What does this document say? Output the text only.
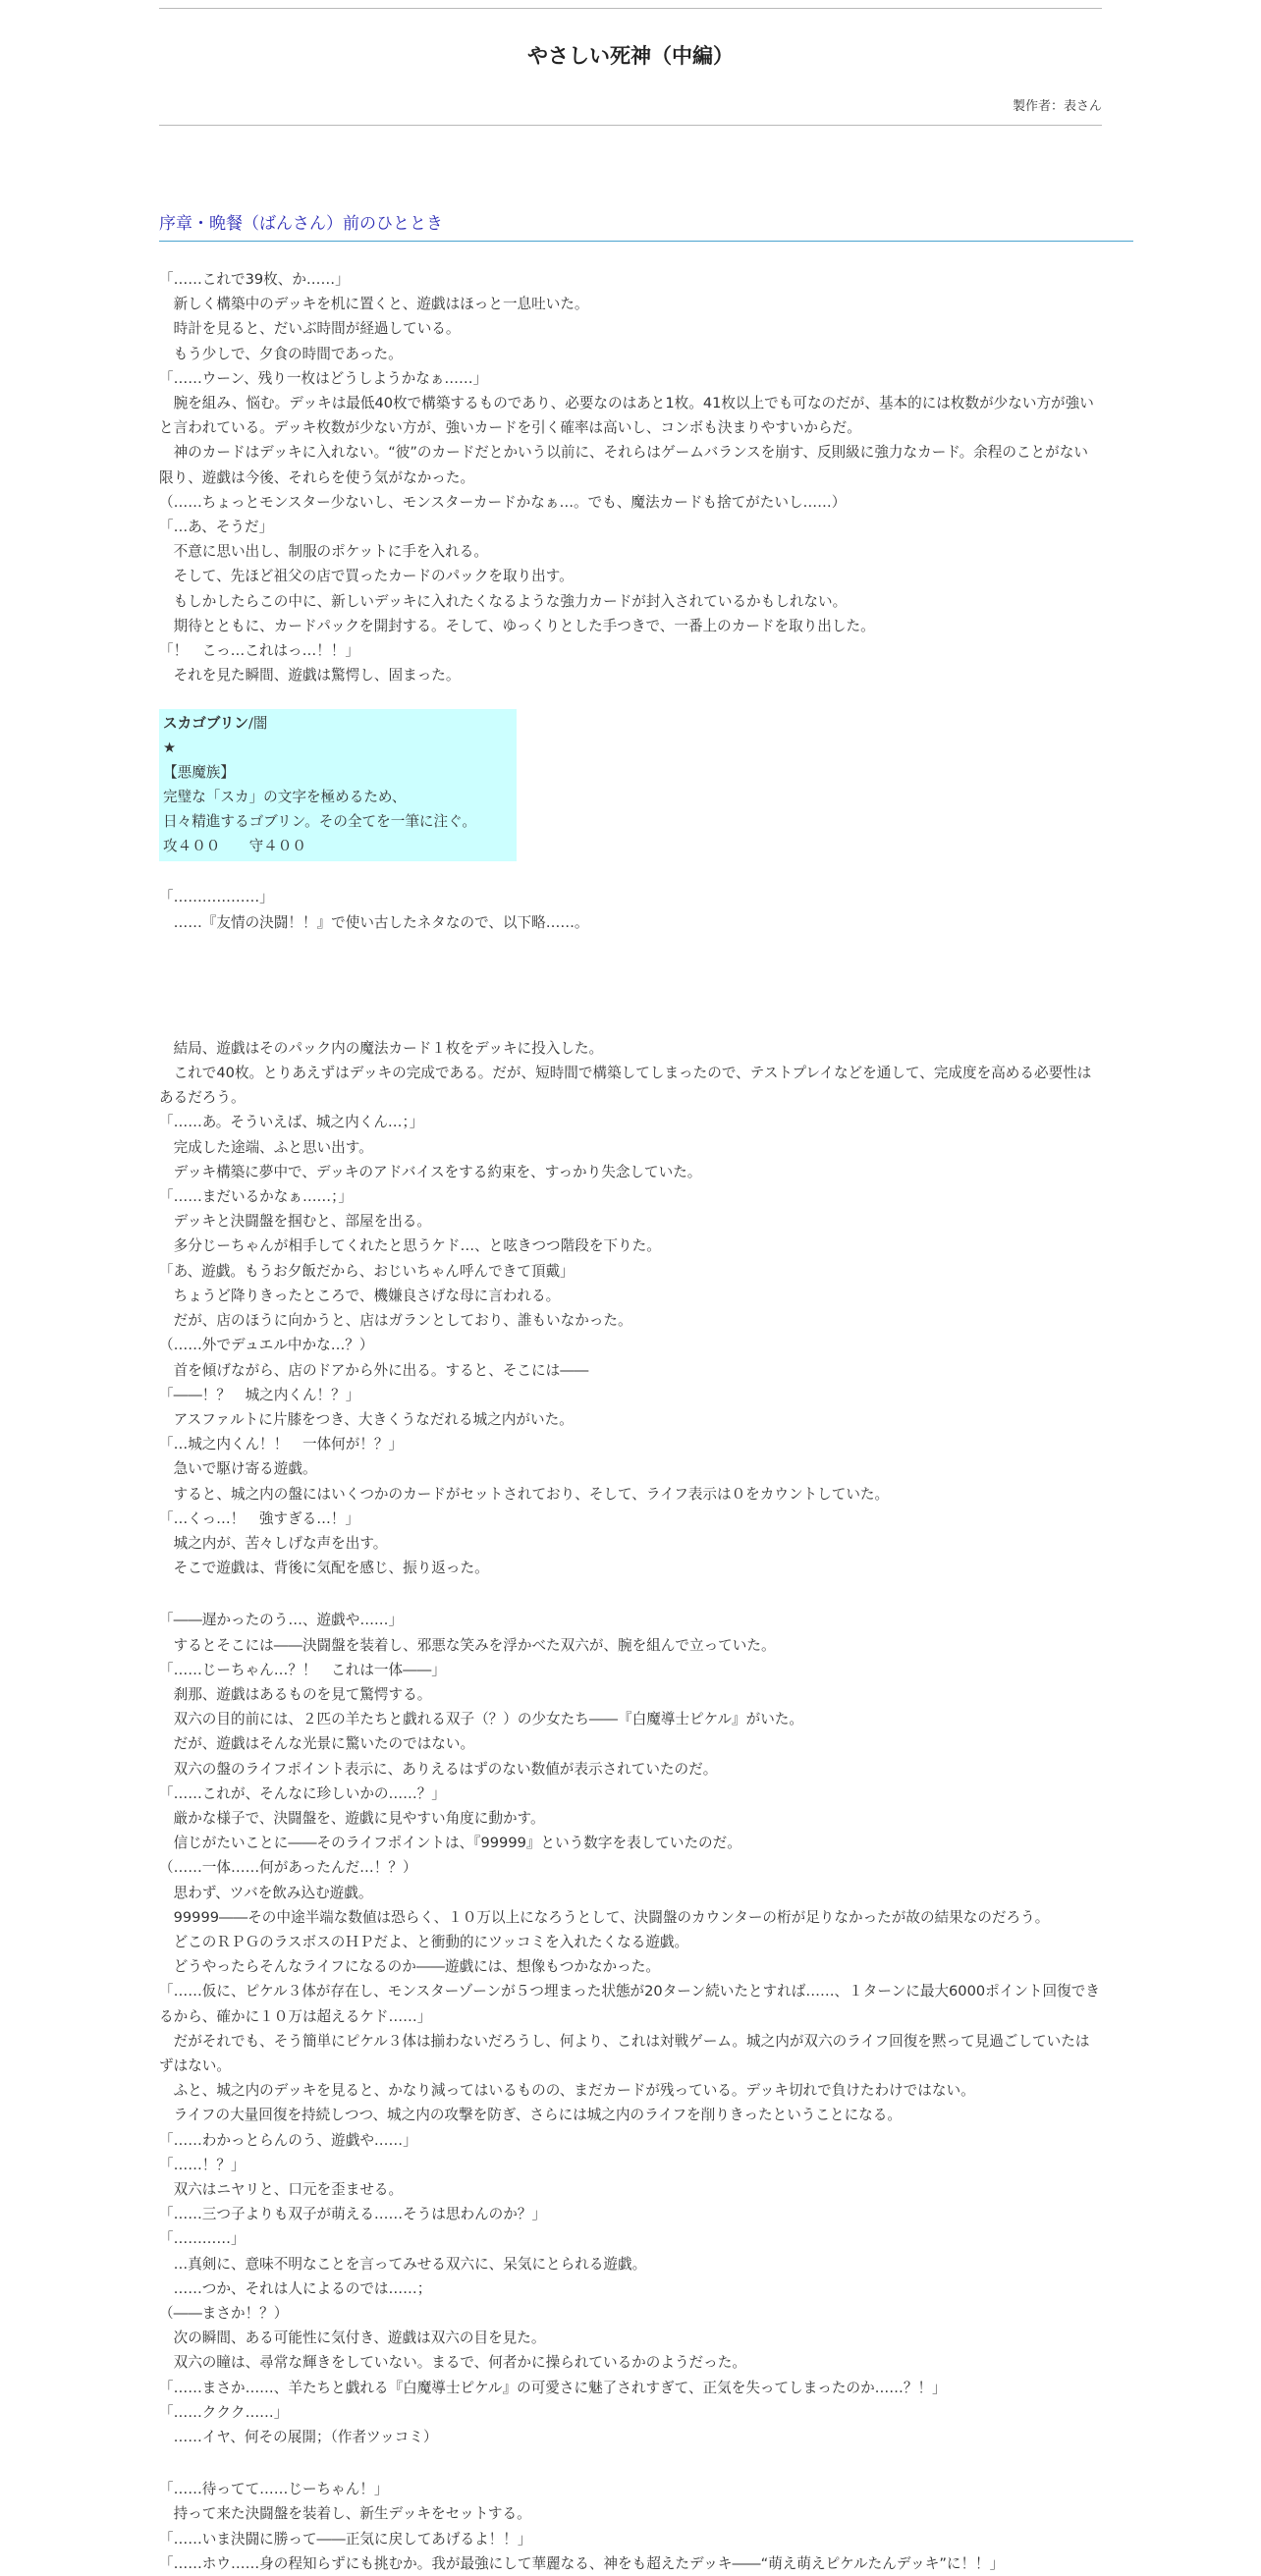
やさしい死神（中編）
製作者：表さん
序章・晩餐（ばんさん）前のひととき

「……これで39枚、か……」

　新しく構築中のデッキを机に置くと、遊戯はほっと一息吐いた。

　時計を見ると、だいぶ時間が経過している。

　もう少しで、夕食の時間であった。

「……ウーン、残り一枚はどうしようかなぁ……」

　腕を組み、悩む。デッキは最低40枚で構築するものであり、必要なのはあと1枚。41枚以上でも可なのだが、基本的には枚数が少ない方が強いと言われている。デッキ枚数が少ない方が、強いカードを引く確率は高いし、コンボも決まりやすいからだ。

　神のカードはデッキに入れない。“彼”のカードだとかいう以前に、それらはゲームバランスを崩す、反則級に強力なカード。余程のことがない限り、遊戯は今後、それらを使う気がなかった。

（……ちょっとモンスター少ないし、モンスターカードかなぁ…。でも、魔法カードも捨てがたいし……）

「…あ、そうだ」

　不意に思い出し、制服のポケットに手を入れる。

　そして、先ほど祖父の店で買ったカードのパックを取り出す。

　もしかしたらこの中に、新しいデッキに入れたくなるような強力カードが封入されているかもしれない。

　期待とともに、カードパックを開封する。そして、ゆっくりとした手つきで、一番上のカードを取り出した。

「！　こっ…これはっ…！！」

　それを見た瞬間、遊戯は驚愕し、固まった。

スカゴブリン/闇
★
【悪魔族】
完璧な「スカ」の文字を極めるため、
日々精進するゴブリン。その全てを一筆に注ぐ。
攻４００　　守４００

「………………」

　……『友情の決闘！！』で使い古したネタなので、以下略……。

　結局、遊戯はそのパック内の魔法カード１枚をデッキに投入した。

　これで40枚。とりあえずはデッキの完成である。だが、短時間で構築してしまったので、テストプレイなどを通して、完成度を高める必要性はあるだろう。

「……あ。そういえば、城之内くん…；」

　完成した途端、ふと思い出す。

　デッキ構築に夢中で、デッキのアドバイスをする約束を、すっかり失念していた。

「……まだいるかなぁ……；」

　デッキと決闘盤を掴むと、部屋を出る。

　多分じーちゃんが相手してくれたと思うケド…、と呟きつつ階段を下りた。

「あ、遊戯。もうお夕飯だから、おじいちゃん呼んできて頂戴」

　ちょうど降りきったところで、機嫌良さげな母に言われる。

　だが、店のほうに向かうと、店はガランとしており、誰もいなかった。

（……外でデュエル中かな…？）

　首を傾げながら、店のドアから外に出る。すると、そこには――

「――！？　城之内くん！？」

　アスファルトに片膝をつき、大きくうなだれる城之内がいた。

「…城之内くん！！　一体何が！？」

　急いで駆け寄る遊戯。

　すると、城之内の盤にはいくつかのカードがセットされており、そして、ライフ表示は０をカウントしていた。

「…くっ…！　強すぎる…！」

　城之内が、苦々しげな声を出す。

　そこで遊戯は、背後に気配を感じ、振り返った。

「――遅かったのう…、遊戯や……」

　するとそこには――決闘盤を装着し、邪悪な笑みを浮かべた双六が、腕を組んで立っていた。

「……じーちゃん…？！　これは一体――」

　刹那、遊戯はあるものを見て驚愕する。

　双六の目的前には、２匹の羊たちと戯れる双子（？）の少女たち――『白魔導士ピケル』がいた。

　だが、遊戯はそんな光景に驚いたのではない。

　双六の盤のライフポイント表示に、ありえるはずのない数値が表示されていたのだ。

「……これが、そんなに珍しいかの……？」

　厳かな様子で、決闘盤を、遊戯に見やすい角度に動かす。

　信じがたいことに――そのライフポイントは、『99999』という数字を表していたのだ。

（……一体……何があったんだ…！？）

　思わず、ツバを飲み込む遊戯。

　99999――その中途半端な数値は恐らく、１０万以上になろうとして、決闘盤のカウンターの桁が足りなかったが故の結果なのだろう。

　どこのＲＰＧのラスボスのＨＰだよ、と衝動的にツッコミを入れたくなる遊戯。

　どうやったらそんなライフになるのか――遊戯には、想像もつかなかった。

「……仮に、ピケル３体が存在し、モンスターゾーンが５つ埋まった状態が20ターン続いたとすれば……、１ターンに最大6000ポイント回復できるから、確かに１０万は超えるケド……」

　だがそれでも、そう簡単にピケル３体は揃わないだろうし、何より、これは対戦ゲーム。城之内が双六のライフ回復を黙って見過ごしていたはずはない。

　ふと、城之内のデッキを見ると、かなり減ってはいるものの、まだカードが残っている。デッキ切れで負けたわけではない。

　ライフの大量回復を持続しつつ、城之内の攻撃を防ぎ、さらには城之内のライフを削りきったということになる。

「……わかっとらんのう、遊戯や……」

「……！？」

　双六はニヤリと、口元を歪ませる。

「……三つ子よりも双子が萌える……そうは思わんのか？」

「…………」

　…真剣に、意味不明なことを言ってみせる双六に、呆気にとられる遊戯。

　……つか、それは人によるのでは……；

（――まさか！？）

　次の瞬間、ある可能性に気付き、遊戯は双六の目を見た。

　双六の瞳は、尋常な輝きをしていない。まるで、何者かに操られているかのようだった。

「……まさか……、羊たちと戯れる『白魔導士ピケル』の可愛さに魅了されすぎて、正気を失ってしまったのか……？！」

「……ククク……」

　……イヤ、何その展開；（作者ツッコミ）

「……待ってて……じーちゃん！」

　持って来た決闘盤を装着し、新生デッキをセットする。

「……いま決闘に勝って――正気に戻してあげるよ！！」

「……ホウ……身の程知らずにも挑むか。我が最強にして華麗なる、神をも超えたデッキ――“萌え萌えピケルたんデッキ”に！！」
